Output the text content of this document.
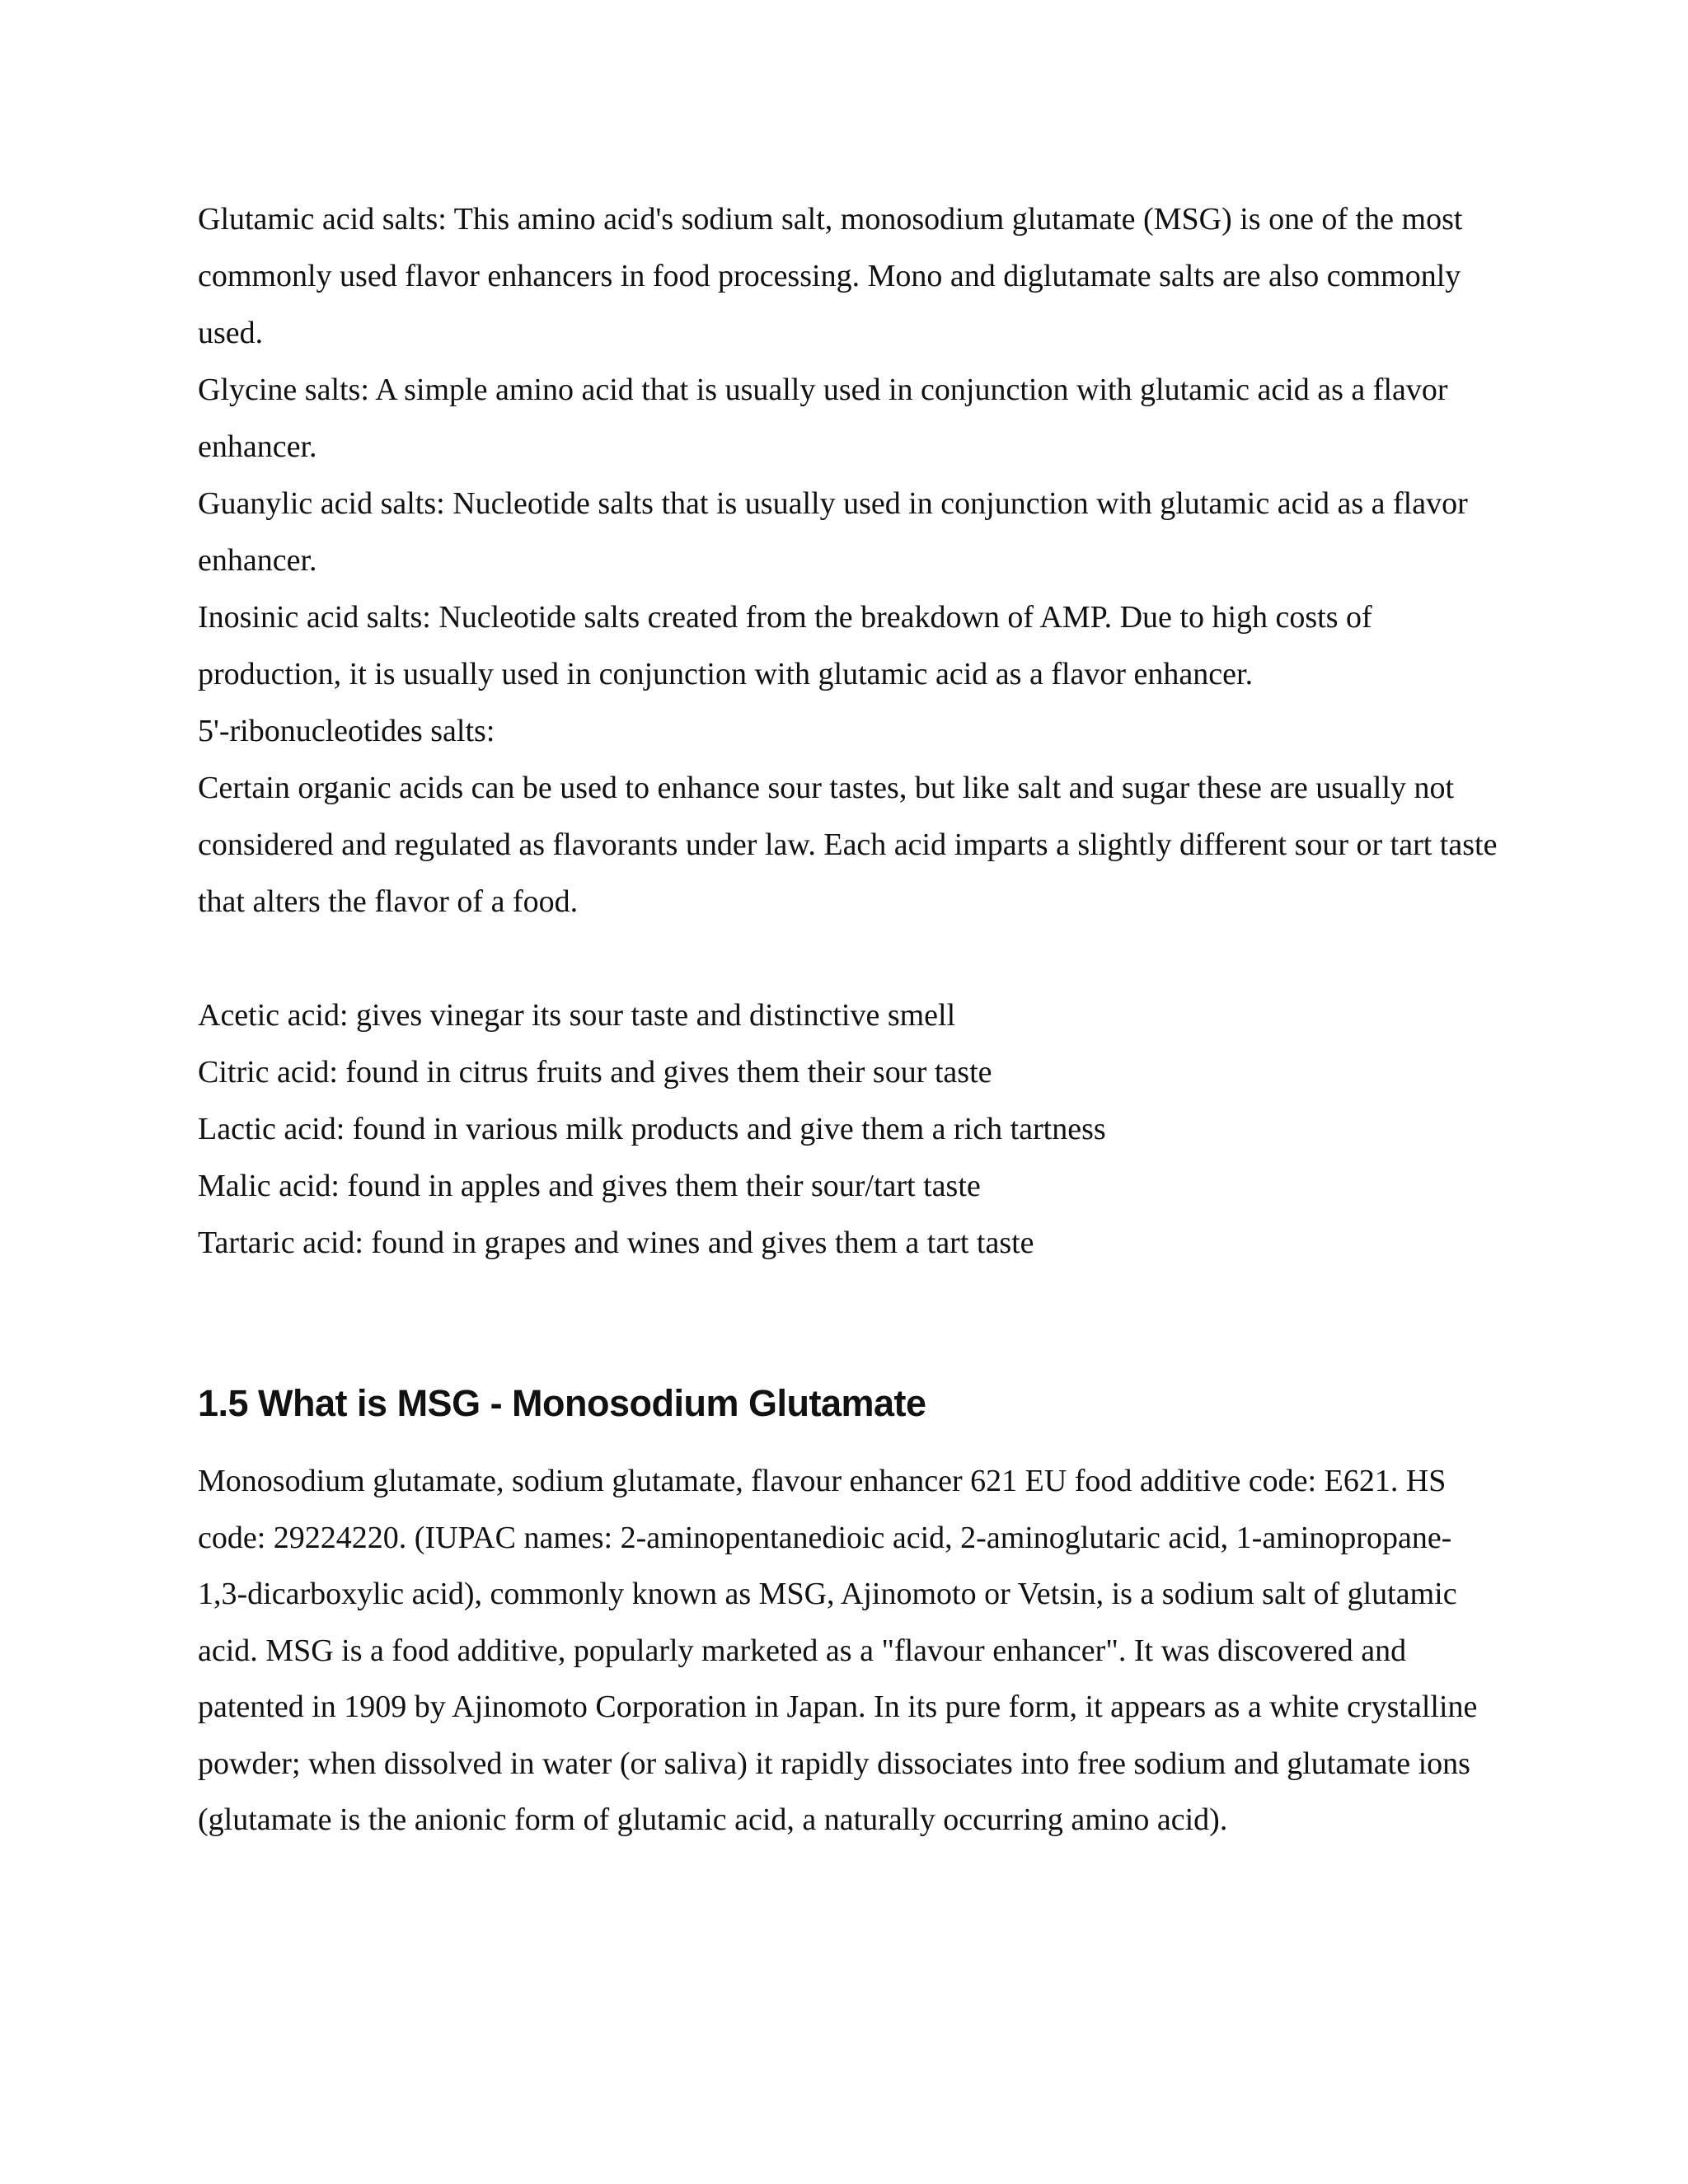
Glutamic acid salts: This amino acid's sodium salt, monosodium glutamate (MSG) is one of the most commonly used flavor enhancers in food processing. Mono and diglutamate salts are also commonly used.

Glycine salts: A simple amino acid that is usually used in conjunction with glutamic acid as a flavor enhancer.

Guanylic acid salts: Nucleotide salts that is usually used in conjunction with glutamic acid as a flavor enhancer.

Inosinic acid salts: Nucleotide salts created from the breakdown of AMP. Due to high costs of production, it is usually used in conjunction with glutamic acid as a flavor enhancer.

5'-ribonucleotides salts:

Certain organic acids can be used to enhance sour tastes, but like salt and sugar these are usually not considered and regulated as flavorants under law. Each acid imparts a slightly different sour or tart taste that alters the flavor of a food.

Acetic acid: gives vinegar its sour taste and distinctive smell

Citric acid: found in citrus fruits and gives them their sour taste

Lactic acid: found in various milk products and give them a rich tartness

Malic acid: found in apples and gives them their sour/tart taste

Tartaric acid: found in grapes and wines and gives them a tart taste

1.5 What is MSG - Monosodium Glutamate

Monosodium glutamate, sodium glutamate, flavour enhancer 621 EU food additive code: E621. HS code: 29224220. (IUPAC names: 2-aminopentanedioic acid, 2-aminoglutaric acid, 1-aminopropane-1,3-dicarboxylic acid), commonly known as MSG, Ajinomoto or Vetsin, is a sodium salt of glutamic acid. MSG is a food additive, popularly marketed as a "flavour enhancer". It was discovered and patented in 1909 by Ajinomoto Corporation in Japan. In its pure form, it appears as a white crystalline powder; when dissolved in water (or saliva) it rapidly dissociates into free sodium and glutamate ions (glutamate is the anionic form of glutamic acid, a naturally occurring amino acid).
